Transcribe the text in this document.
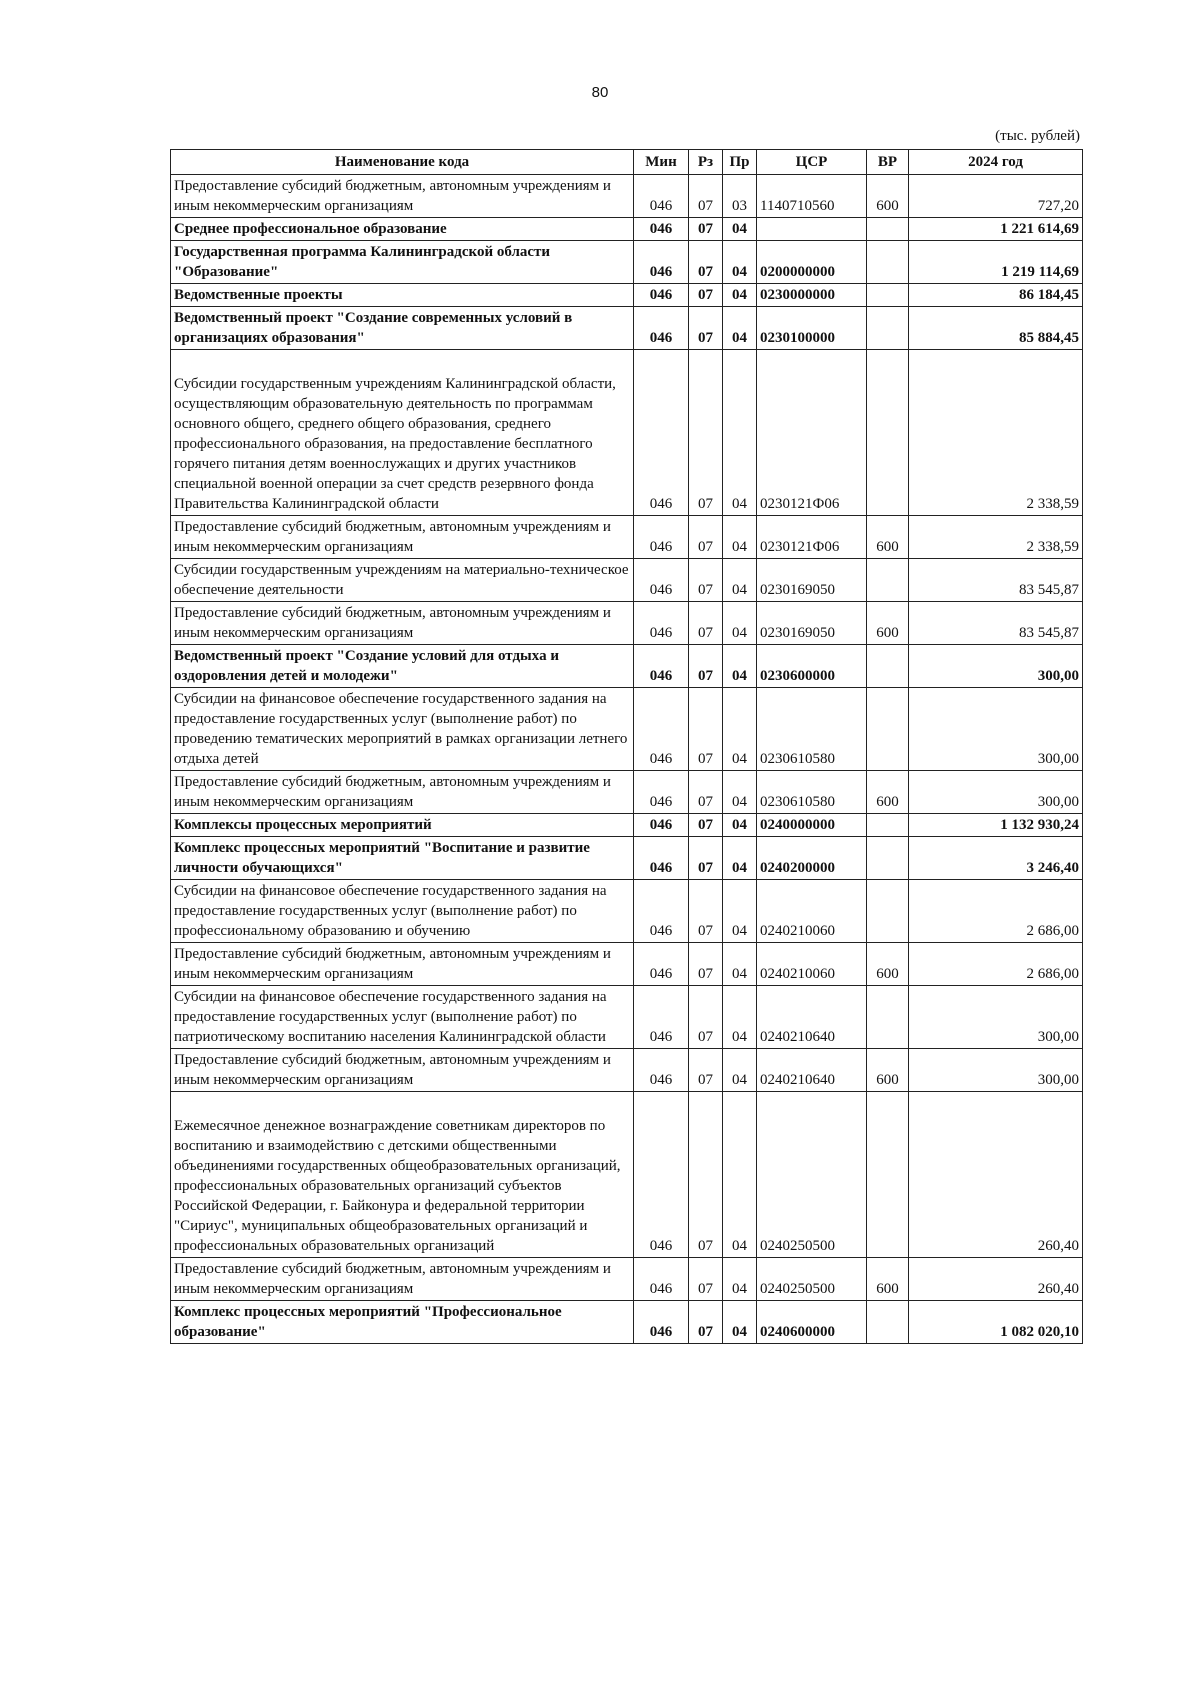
80
(тыс. рублей)
Наименование кода	Мин	Рз	Пр	ЦСР	ВР	2024 год
Предоставление субсидий бюджетным, автономным учреждениям и иным некоммерческим организациям	046	07	03	1140710560	600	727,20
Среднее профессиональное образование	046	07	04			1 221 614,69
Государственная программа Калининградской области "Образование"	046	07	04	0200000000		1 219 114,69
Ведомственные проекты	046	07	04	0230000000		86 184,45
Ведомственный проект "Создание современных условий в организациях образования"	046	07	04	0230100000		85 884,45
Субсидии государственным учреждениям Калининградской области, осуществляющим образовательную деятельность по программам основного общего, среднего общего образования, среднего профессионального образования, на предоставление бесплатного горячего питания детям военнослужащих и других участников специальной военной операции за счет средств резервного фонда Правительства Калининградской области	046	07	04	0230121Ф06		2 338,59
Предоставление субсидий бюджетным, автономным учреждениям и иным некоммерческим организациям	046	07	04	0230121Ф06	600	2 338,59
Субсидии государственным учреждениям на материально-техническое обеспечение деятельности	046	07	04	0230169050		83 545,87
Предоставление субсидий бюджетным, автономным учреждениям и иным некоммерческим организациям	046	07	04	0230169050	600	83 545,87
Ведомственный проект "Создание условий для отдыха и оздоровления детей и молодежи"	046	07	04	0230600000		300,00
Субсидии на финансовое обеспечение государственного задания на предоставление государственных услуг (выполнение работ) по проведению тематических мероприятий в рамках организации летнего отдыха детей	046	07	04	0230610580		300,00
Предоставление субсидий бюджетным, автономным учреждениям и иным некоммерческим организациям	046	07	04	0230610580	600	300,00
Комплексы процессных мероприятий	046	07	04	0240000000		1 132 930,24
Комплекс процессных мероприятий "Воспитание и развитие личности обучающихся"	046	07	04	0240200000		3 246,40
Субсидии на финансовое обеспечение государственного задания на предоставление государственных услуг (выполнение работ) по профессиональному образованию и обучению	046	07	04	0240210060		2 686,00
Предоставление субсидий бюджетным, автономным учреждениям и иным некоммерческим организациям	046	07	04	0240210060	600	2 686,00
Субсидии на финансовое обеспечение государственного задания на предоставление государственных услуг (выполнение работ) по патриотическому воспитанию населения Калининградской области	046	07	04	0240210640		300,00
Предоставление субсидий бюджетным, автономным учреждениям и иным некоммерческим организациям	046	07	04	0240210640	600	300,00
Ежемесячное денежное вознаграждение советникам директоров по воспитанию и взаимодействию с детскими общественными объединениями государственных общеобразовательных организаций, профессиональных образовательных организаций субъектов Российской Федерации, г. Байконура и федеральной территории "Сириус", муниципальных общеобразовательных организаций и профессиональных образовательных организаций	046	07	04	0240250500		260,40
Предоставление субсидий бюджетным, автономным учреждениям и иным некоммерческим организациям	046	07	04	0240250500	600	260,40
Комплекс процессных мероприятий "Профессиональное образование"	046	07	04	0240600000		1 082 020,10
